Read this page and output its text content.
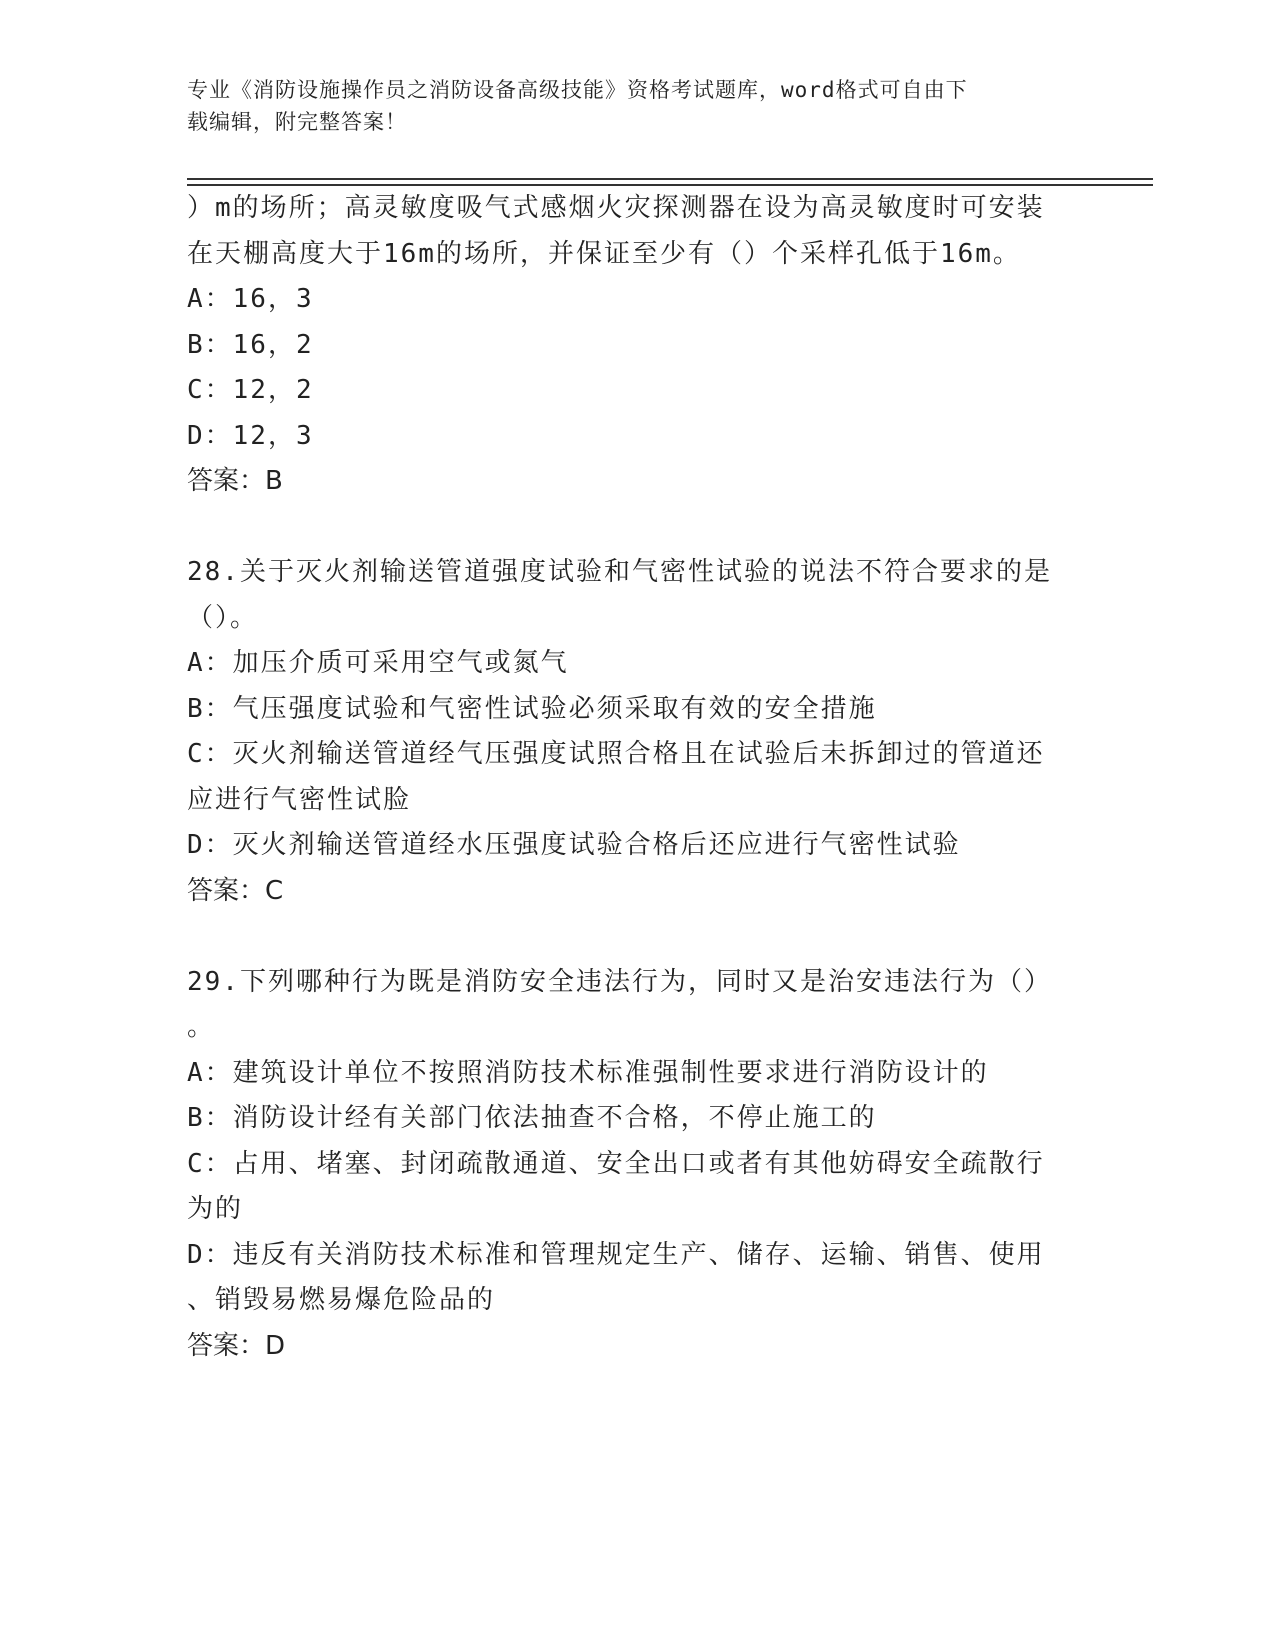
专业《消防设施操作员之消防设备高级技能》资格考试题库，word格式可自由下
载编辑，附完整答案！
）m的场所；高灵敏度吸气式感烟火灾探测器在设为高灵敏度时可安装
在天棚高度大于16m的场所，并保证至少有（）个采样孔低于16m。
A：16，3
B：16，2
C：12，2
D：12，3
答案：B
28.关于灭火剂输送管道强度试验和气密性试验的说法不符合要求的是
（）。
A：加压介质可采用空气或氮气
B：气压强度试验和气密性试验必须采取有效的安全措施
C：灭火剂输送管道经气压强度试照合格且在试验后未拆卸过的管道还
应进行气密性试脸
D：灭火剂输送管道经水压强度试验合格后还应进行气密性试验
答案：C
29.下列哪种行为既是消防安全违法行为，同时又是治安违法行为（）
。
A：建筑设计单位不按照消防技术标准强制性要求进行消防设计的
B：消防设计经有关部门依法抽查不合格，不停止施工的
C：占用、堵塞、封闭疏散通道、安全出口或者有其他妨碍安全疏散行
为的
D：违反有关消防技术标准和管理规定生产、储存、运输、销售、使用
、销毁易燃易爆危险品的
答案：D
